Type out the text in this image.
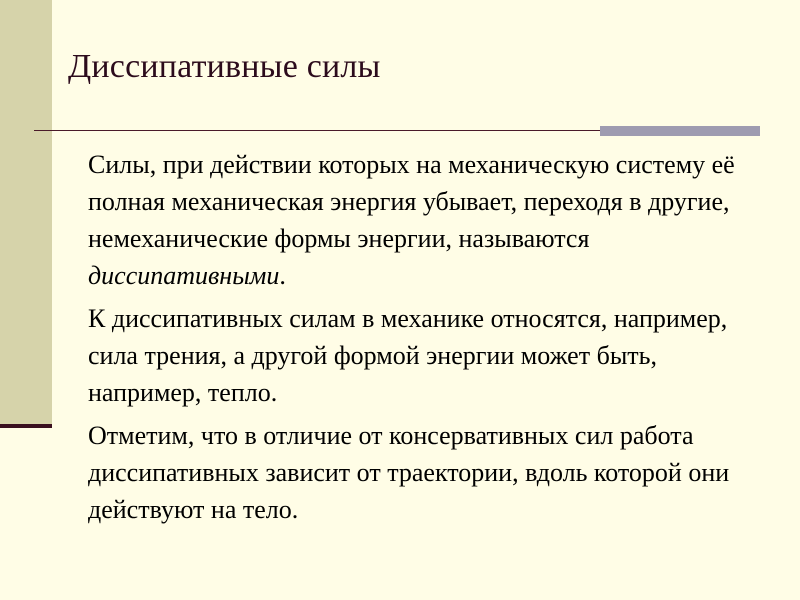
Диссипативные силы

Силы, при действии которых на механическую систему её полная механическая энергия убывает, переходя в другие, немеханические формы энергии, называются диссипативными.

К диссипативных силам в механике относятся, например, сила трения, а другой формой энергии может быть, например, тепло.

Отметим, что в отличие от консервативных сил работа диссипативных зависит от траектории, вдоль которой они действуют на тело.
